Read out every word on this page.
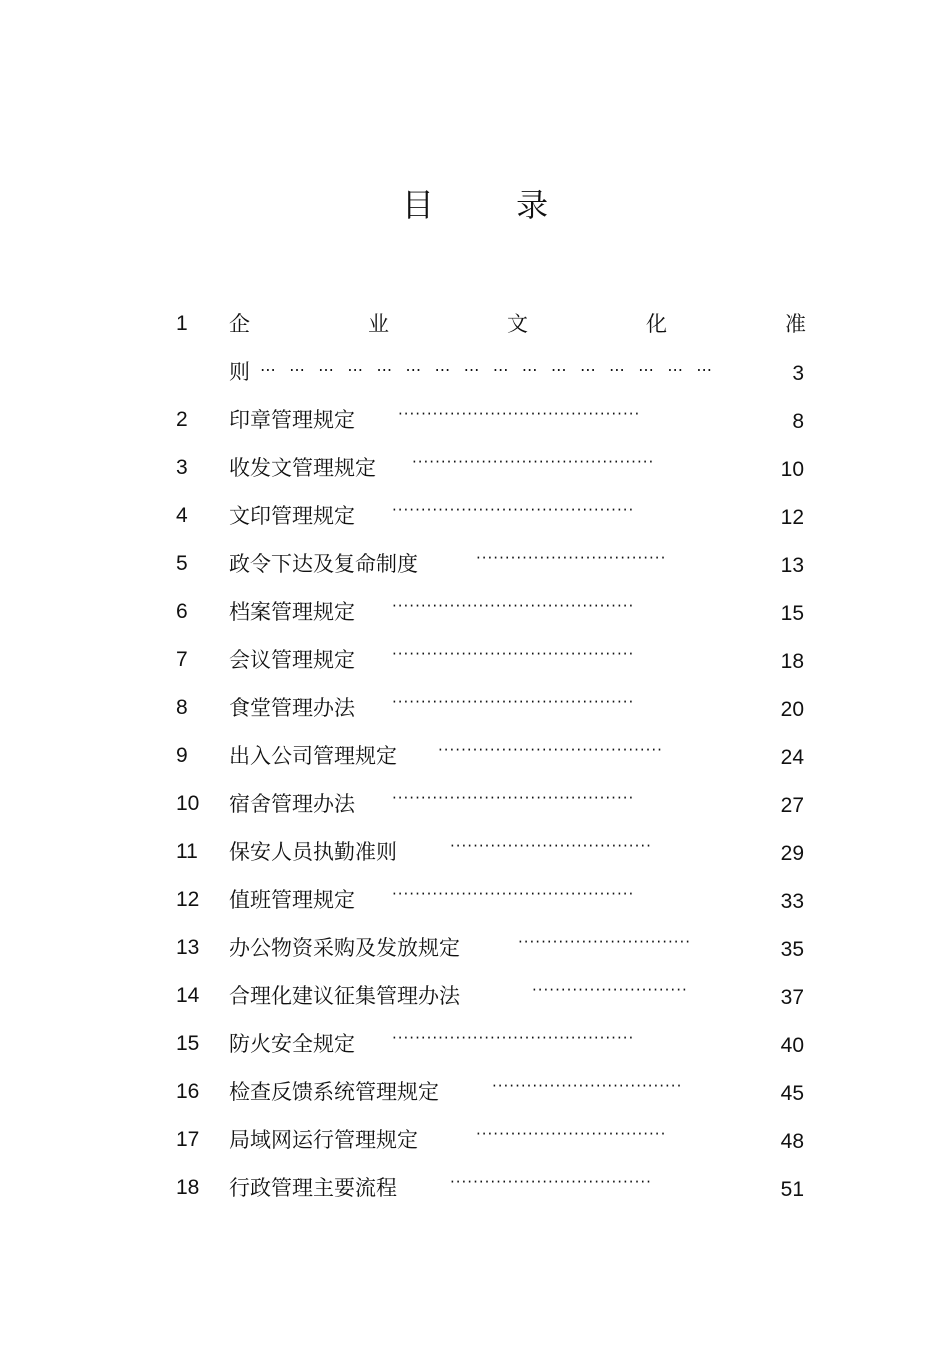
目 录
1 企	业	文	化	准
则 ⋯ ⋯ ⋯ ⋯ ⋯ ⋯ ⋯ ⋯ ⋯ ⋯ ⋯ ⋯ ⋯ ⋯ ⋯ ⋯	3
2 印章管理规定	··········································	8
3 收发文管理规定 ··········································	10
4 文印管理规定 ··········································	12
5 政令下达及复命制度	·································	13
6 档案管理规定 ··········································	15
7 会议管理规定 ··········································	18
8 食堂管理办法 ··········································	20
9 出入公司管理规定	·······································	24
10 宿舍管理办法 ··········································	27
11 保安人员执勤准则	···································	29
12 值班管理规定 ··········································	33
13 办公物资采购及发放规定	······························	35
14 合理化建议征集管理办法	···························	37
15 防火安全规定 ··········································	40
16 检查反馈系统管理规定	·································	45
17 局域网运行管理规定	·································	48
18 行政管理主要流程	···································	51
